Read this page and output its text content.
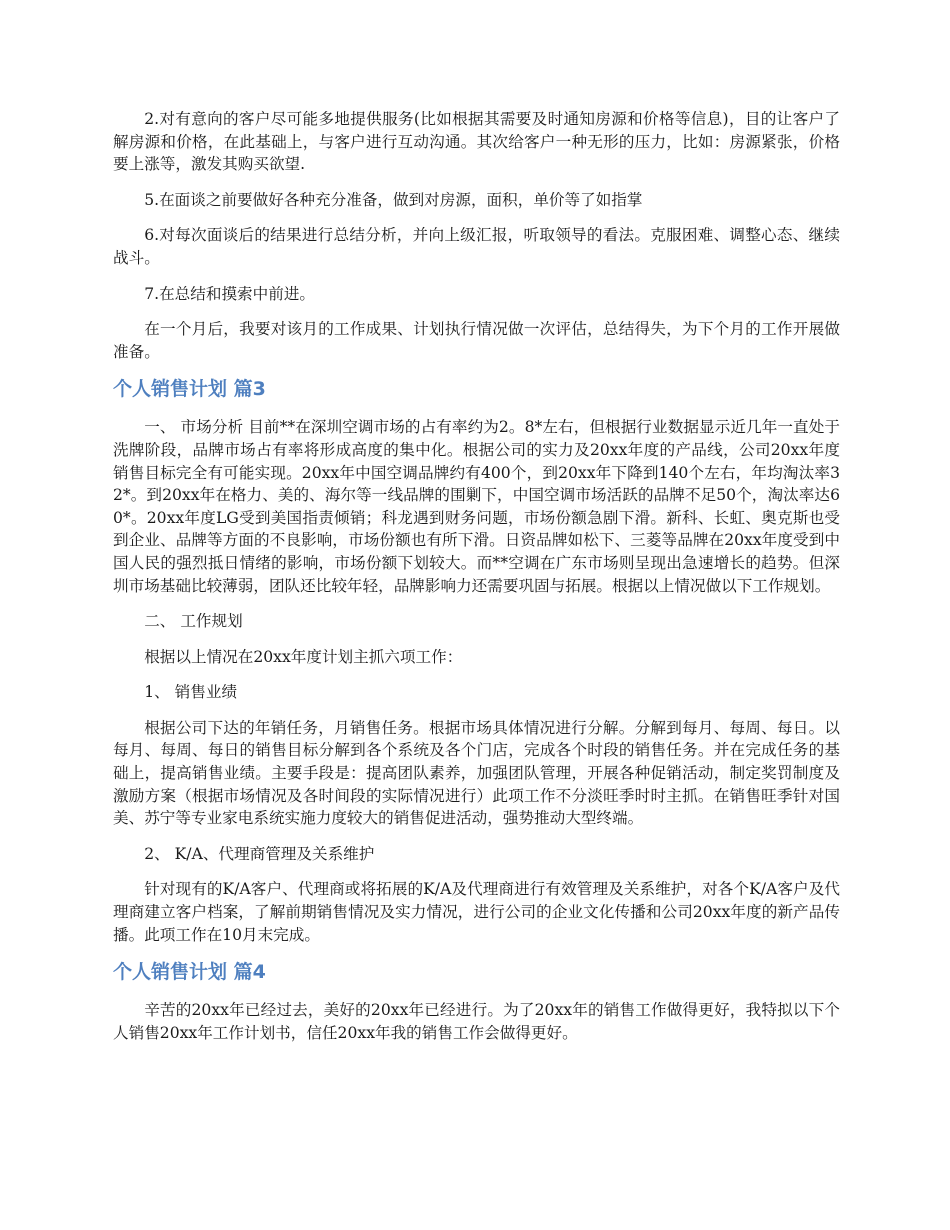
2.对有意向的客户尽可能多地提供服务(比如根据其需要及时通知房源和价格等信息)，目的让客户了解房源和价格，在此基础上，与客户进行互动沟通。其次给客户一种无形的压力，比如：房源紧张，价格要上涨等，激发其购买欲望.

5.在面谈之前要做好各种充分准备，做到对房源，面积，单价等了如指掌

6.对每次面谈后的结果进行总结分析，并向上级汇报，听取领导的看法。克服困难、调整心态、继续战斗。

7.在总结和摸索中前进。

在一个月后，我要对该月的工作成果、计划执行情况做一次评估，总结得失，为下个月的工作开展做准备。

个人销售计划 篇3

一、 市场分析 目前**在深圳空调市场的占有率约为2。8*左右，但根据行业数据显示近几年一直处于洗牌阶段，品牌市场占有率将形成高度的集中化。根据公司的实力及20xx年度的产品线，公司20xx年度销售目标完全有可能实现。20xx年中国空调品牌约有400个，到20xx年下降到140个左右，年均淘汰率32*。到20xx年在格力、美的、海尔等一线品牌的围剿下，中国空调市场活跃的品牌不足50个，淘汰率达60*。20xx年度LG受到美国指责倾销；科龙遇到财务问题，市场份额急剧下滑。新科、长虹、奥克斯也受到企业、品牌等方面的不良影响，市场份额也有所下滑。日资品牌如松下、三菱等品牌在20xx年度受到中国人民的强烈抵日情绪的影响，市场份额下划较大。而**空调在广东市场则呈现出急速增长的趋势。但深圳市场基础比较薄弱，团队还比较年轻，品牌影响力还需要巩固与拓展。根据以上情况做以下工作规划。

二、 工作规划

根据以上情况在20xx年度计划主抓六项工作：

1、 销售业绩

根据公司下达的年销任务，月销售任务。根据市场具体情况进行分解。分解到每月、每周、每日。以每月、每周、每日的销售目标分解到各个系统及各个门店，完成各个时段的销售任务。并在完成任务的基础上，提高销售业绩。主要手段是：提高团队素养，加强团队管理，开展各种促销活动，制定奖罚制度及激励方案（根据市场情况及各时间段的实际情况进行）此项工作不分淡旺季时时主抓。在销售旺季针对国美、苏宁等专业家电系统实施力度较大的销售促进活动，强势推动大型终端。

2、 K/A、代理商管理及关系维护

针对现有的K/A客户、代理商或将拓展的K/A及代理商进行有效管理及关系维护，对各个K/A客户及代理商建立客户档案，了解前期销售情况及实力情况，进行公司的企业文化传播和公司20xx年度的新产品传播。此项工作在10月末完成。

个人销售计划 篇4

辛苦的20xx年已经过去，美好的20xx年已经进行。为了20xx年的销售工作做得更好，我特拟以下个人销售20xx年工作计划书，信任20xx年我的销售工作会做得更好。
